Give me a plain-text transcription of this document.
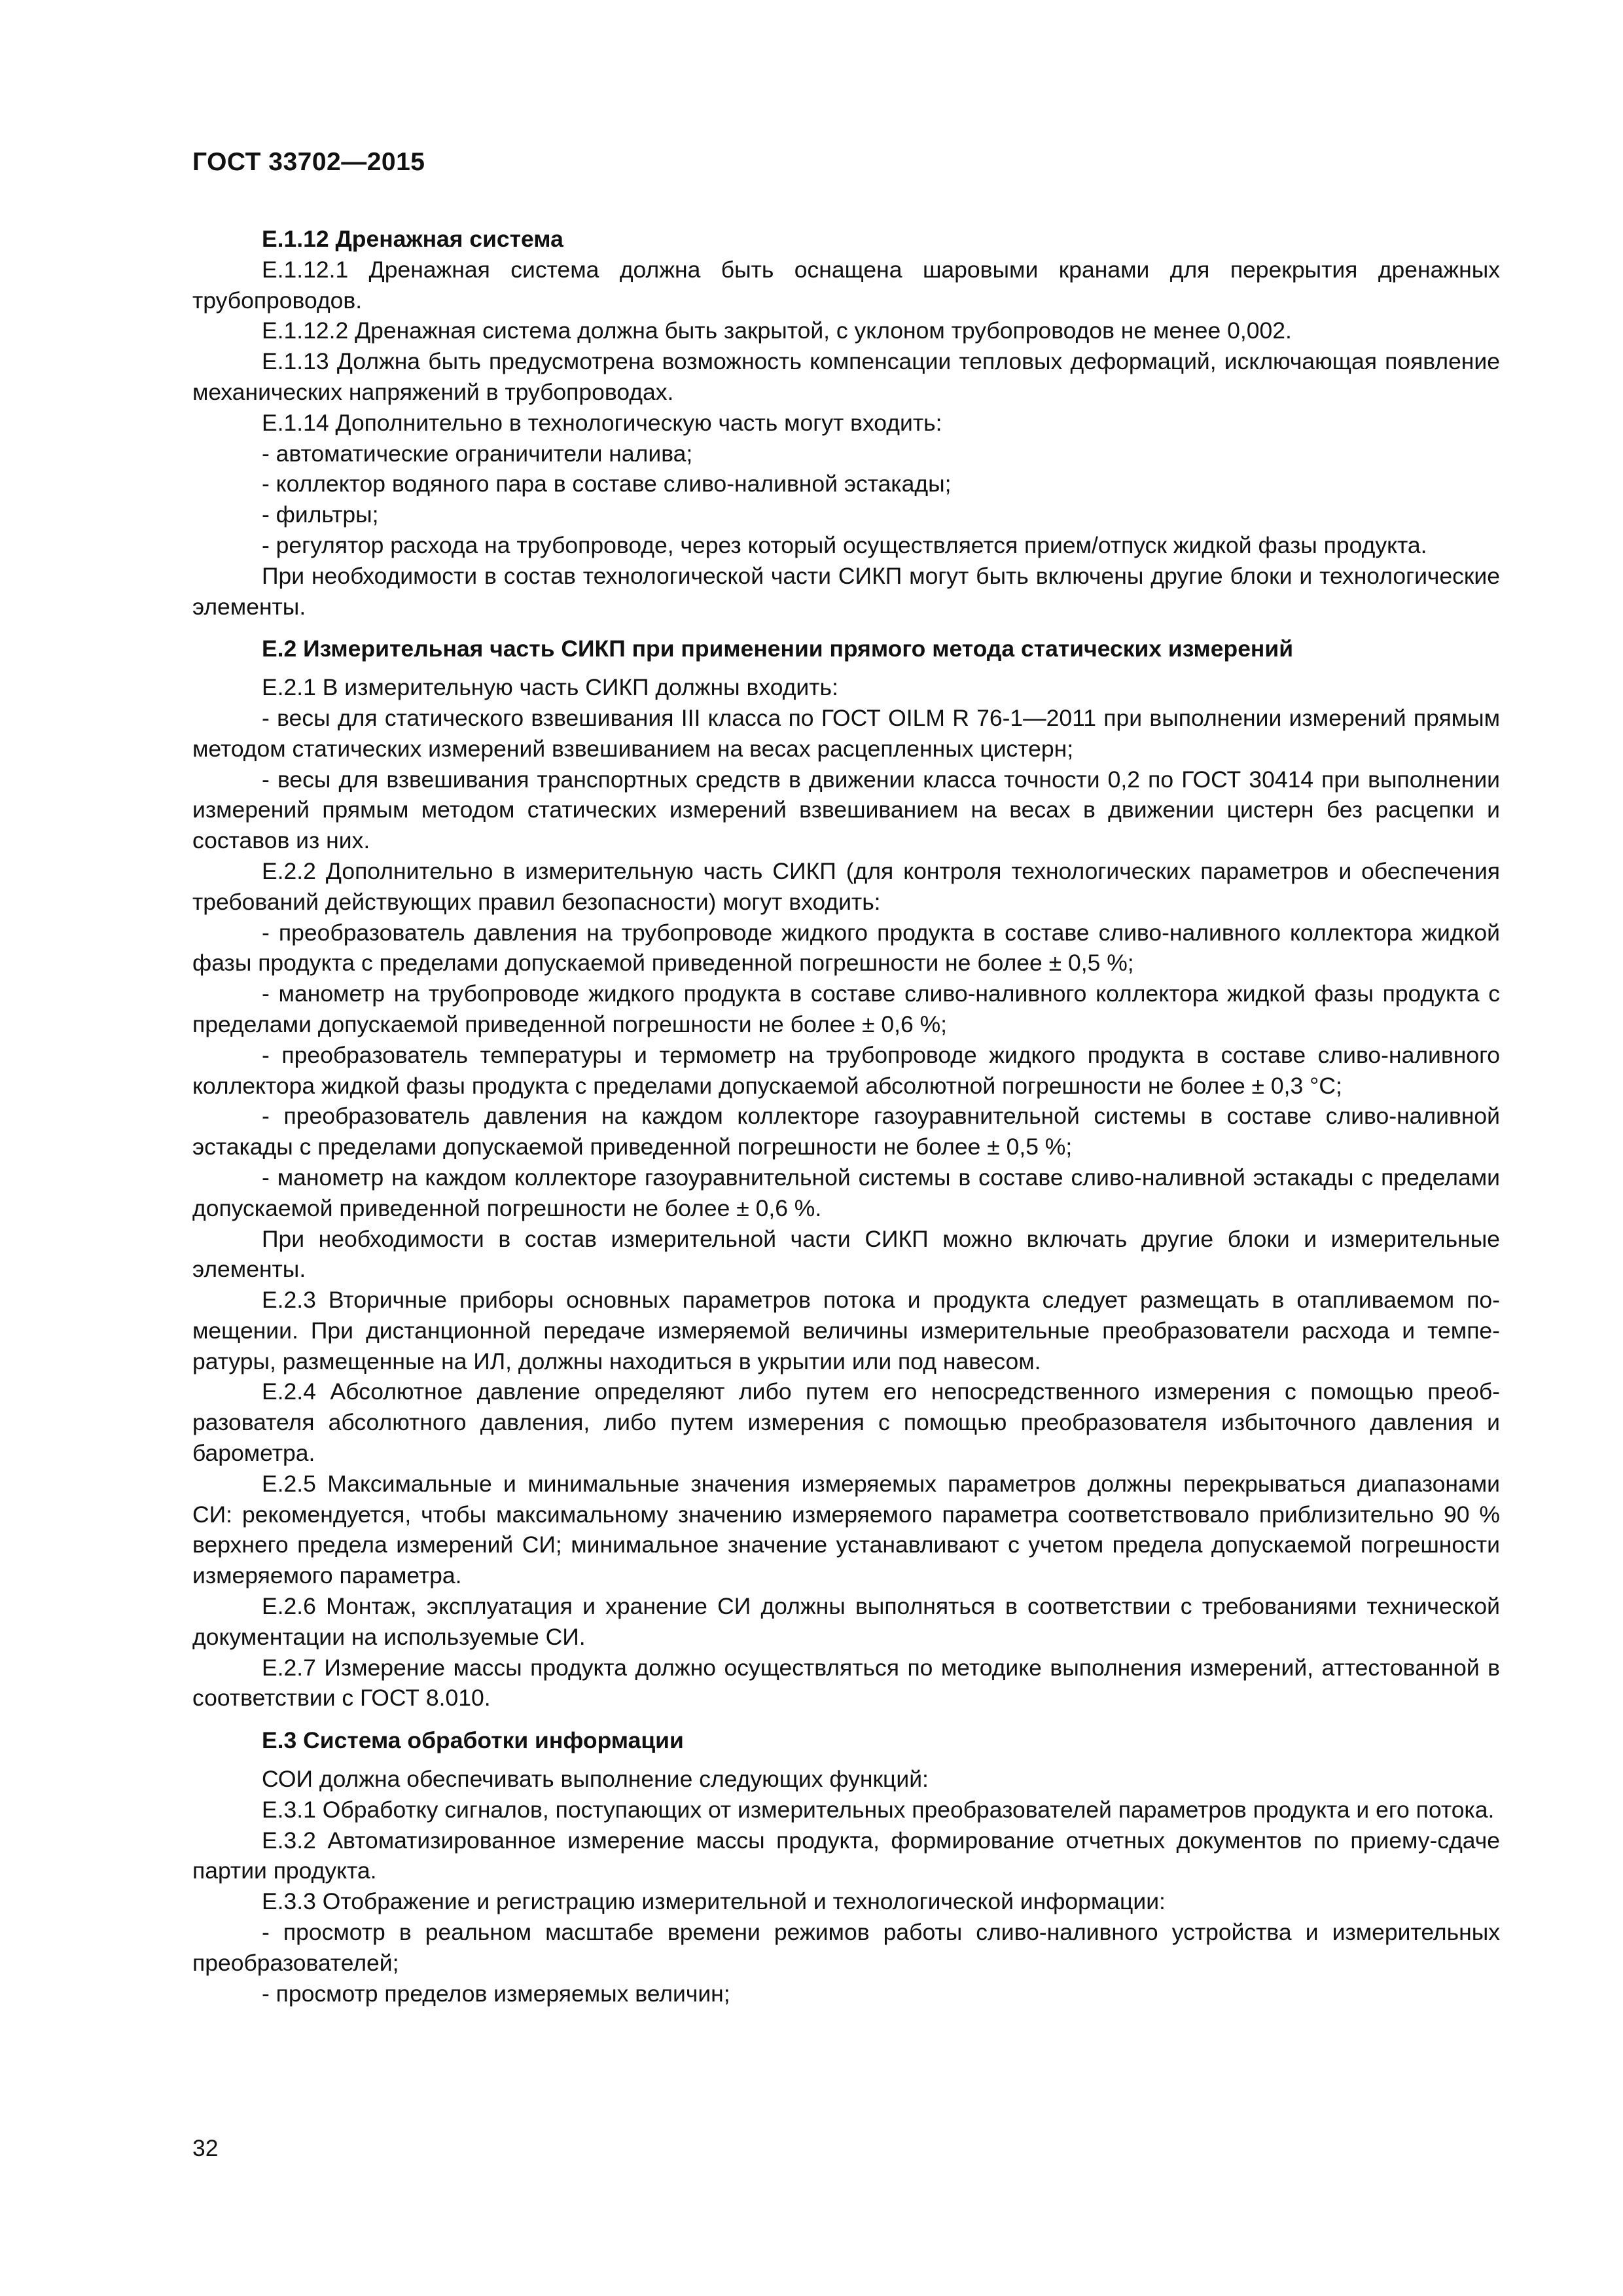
ГОСТ 33702—2015

Е.1.12 Дренажная система

Е.1.12.1 Дренажная система должна быть оснащена шаровыми кранами для перекрытия дренажных трубопроводов.

Е.1.12.2 Дренажная система должна быть закрытой, с уклоном трубопроводов не менее 0,002.

Е.1.13 Должна быть предусмотрена возможность компенсации тепловых деформаций, исключающая появление механических напряжений в трубопроводах.

Е.1.14 Дополнительно в технологическую часть могут входить:

- автоматические ограничители налива;

- коллектор водяного пара в составе сливо-наливной эстакады;

- фильтры;

- регулятор расхода на трубопроводе, через который осуществляется прием/отпуск жидкой фазы продукта.

При необходимости в состав технологической части СИКП могут быть включены другие блоки и технологические элементы.

Е.2 Измерительная часть СИКП при применении прямого метода статических измерений

Е.2.1 В измерительную часть СИКП должны входить:

- весы для статического взвешивания III класса по ГОСТ OILM R 76-1—2011 при выполнении измерений прямым методом статических измерений взвешиванием на весах расцепленных цистерн;

- весы для взвешивания транспортных средств в движении класса точности 0,2 по ГОСТ 30414 при выполнении измерений прямым методом статических измерений взвешиванием на весах в движении цистерн без расцепки и составов из них.

Е.2.2 Дополнительно в измерительную часть СИКП (для контроля технологических параметров и обеспечения требований действующих правил безопасности) могут входить:

- преобразователь давления на трубопроводе жидкого продукта в составе сливо-наливного коллектора жидкой фазы продукта с пределами допускаемой приведенной погрешности не более ± 0,5 %;

- манометр на трубопроводе жидкого продукта в составе сливо-наливного коллектора жидкой фазы продукта с пределами допускаемой приведенной погрешности не более ± 0,6 %;

- преобразователь температуры и термометр на трубопроводе жидкого продукта в составе сливо-наливного коллектора жидкой фазы продукта с пределами допускаемой абсолютной погрешности не более ± 0,3 °С;

- преобразователь давления на каждом коллекторе газоуравнительной системы в составе сливо-наливной эстакады с пределами допускаемой приведенной погрешности не более ± 0,5 %;

- манометр на каждом коллекторе газоуравнительной системы в составе сливо-наливной эстакады с пределами допускаемой приведенной погрешности не более ± 0,6 %.

При необходимости в состав измерительной части СИКП можно включать другие блоки и измерительные элементы.

Е.2.3 Вторичные приборы основных параметров потока и продукта следует размещать в отапливаемом помещении. При дистанционной передаче измеряемой величины измерительные преобразователи расхода и температуры, размещенные на ИЛ, должны находиться в укрытии или под навесом.

Е.2.4 Абсолютное давление определяют либо путем его непосредственного измерения с помощью преобразователя абсолютного давления, либо путем измерения с помощью преобразователя избыточного давления и барометра.

Е.2.5 Максимальные и минимальные значения измеряемых параметров должны перекрываться диапазонами СИ: рекомендуется, чтобы максимальному значению измеряемого параметра соответствовало приблизительно 90 % верхнего предела измерений СИ; минимальное значение устанавливают с учетом предела допускаемой погрешности измеряемого параметра.

Е.2.6 Монтаж, эксплуатация и хранение СИ должны выполняться в соответствии с требованиями технической документации на используемые СИ.

Е.2.7 Измерение массы продукта должно осуществляться по методике выполнения измерений, аттестованной в соответствии с ГОСТ 8.010.

Е.3 Система обработки информации

СОИ должна обеспечивать выполнение следующих функций:

Е.3.1 Обработку сигналов, поступающих от измерительных преобразователей параметров продукта и его потока.

Е.3.2 Автоматизированное измерение массы продукта, формирование отчетных документов по приему-сдаче партии продукта.

Е.3.3 Отображение и регистрацию измерительной и технологической информации:

- просмотр в реальном масштабе времени режимов работы сливо-наливного устройства и измерительных преобразователей;

- просмотр пределов измеряемых величин;

32
